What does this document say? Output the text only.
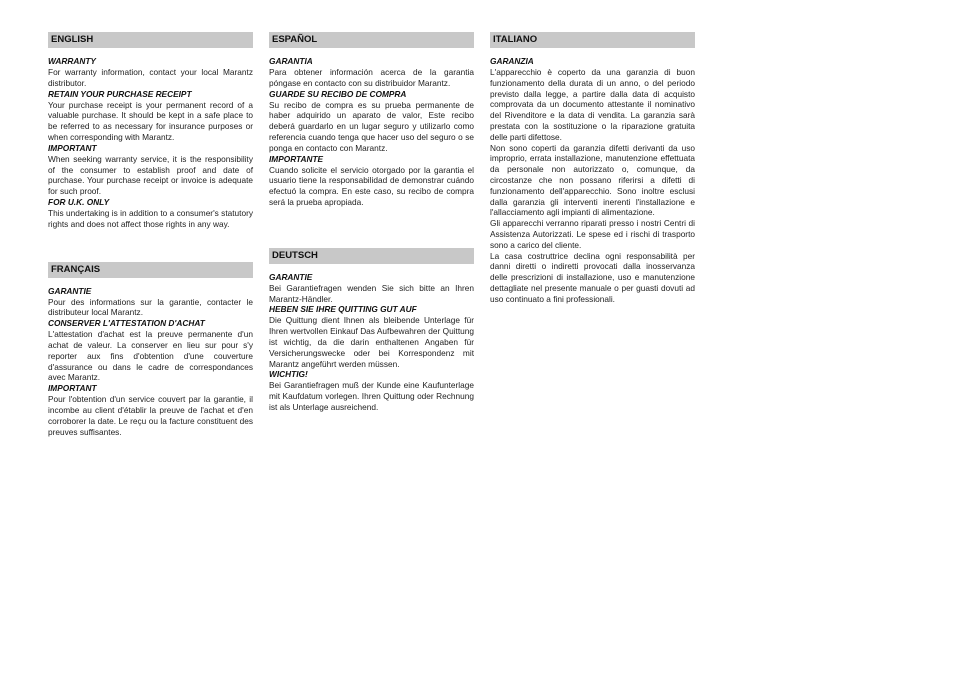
ENGLISH
WARRANTY

For warranty information, contact your local Marantz distributor.

RETAIN YOUR PURCHASE RECEIPT

Your purchase receipt is your permanent record of a valuable purchase. It should be kept in a safe place to be referred to as necessary for insurance purposes or when corresponding with Marantz.

IMPORTANT

When seeking warranty service, it is the responsibility of the consumer to establish proof and date of purchase. Your purchase receipt or invoice is adequate for such proof.

FOR U.K. ONLY

This undertaking is in addition to a consumer's statutory rights and does not affect those rights in any way.

FRANÇAIS
GARANTIE

Pour des informations sur la garantie, contacter le distributeur local Marantz.

CONSERVER L'ATTESTATION D'ACHAT

L'attestation d'achat est la preuve permanente d'un achat de valeur. La conserver en lieu sur pour s'y reporter aux fins d'obtention d'une couverture d'assurance ou dans le cadre de correspondances avec Marantz.

IMPORTANT

Pour l'obtention d'un service couvert par la garantie, il incombe au client d'établir la preuve de l'achat et d'en corroborer la date. Le reçu ou la facture constituent des preuves suffisantes.

ESPAÑOL
GARANTIA

Para obtener información acerca de la garantia póngase en contacto con su distribuidor Marantz.

GUARDE SU RECIBO DE COMPRA

Su recibo de compra es su prueba permanente de haber adquirido un aparato de valor, Este recibo deberá guardarlo en un lugar seguro y utilizarlo como referencia cuando tenga que hacer uso del seguro o se ponga en contacto con Marantz.

IMPORTANTE

Cuando solicite el servicio otorgado por la garantia el usuario tiene la responsabilidad de demonstrar cuándo efectuó la compra. En este caso, su recibo de compra será la prueba apropiada.

DEUTSCH
GARANTIE

Bei Garantiefragen wenden Sie sich bitte an Ihren Marantz-Händler.

HEBEN SIE IHRE QUITTING GUT AUF

Die Quittung dient Ihnen als bleibende Unterlage für Ihren wertvollen Einkauf Das Aufbewahren der Quittung ist wichtig, da die darin enthaltenen Angaben für Versicherungswecke oder bei Korrespondenz mit Marantz angeführt werden müssen.

WICHTIG!

Bei Garantiefragen muß der Kunde eine Kaufunterlage mit Kaufdatum vorlegen. Ihren Quittung oder Rechnung ist als Unterlage ausreichend.

ITALIANO
GARANZIA

L'apparecchio è coperto da una garanzia di buon funzionamento della durata di un anno, o del periodo previsto dalla legge, a partire dalla data di acquisto comprovata da un documento attestante il nominativo del Rivenditore e la data di vendita. La garanzia sarà prestata con la sostituzione o la riparazione gratuita delle parti difettose.

Non sono coperti da garanzia difetti derivanti da uso improprio, errata installazione, manutenzione effettuata da personale non autorizzato o, comunque, da circostanze che non possano riferirsi a difetti di funzionamento dell'apparecchio. Sono inoltre esclusi dalla garanzia gli interventi inerenti l'installazione e l'allacciamento agli impianti di alimentazione.

Gli apparecchi verranno riparati presso i nostri Centri di Assistenza Autorizzati. Le spese ed i rischi di trasporto sono a carico del cliente.

La casa costruttrice declina ogni responsabilità per danni diretti o indiretti provocati dalla inosservanza delle prescrizioni di installazione, uso e manutenzione dettagliate nel presente manuale o per guasti dovuti ad uso continuato a fini professionali.
